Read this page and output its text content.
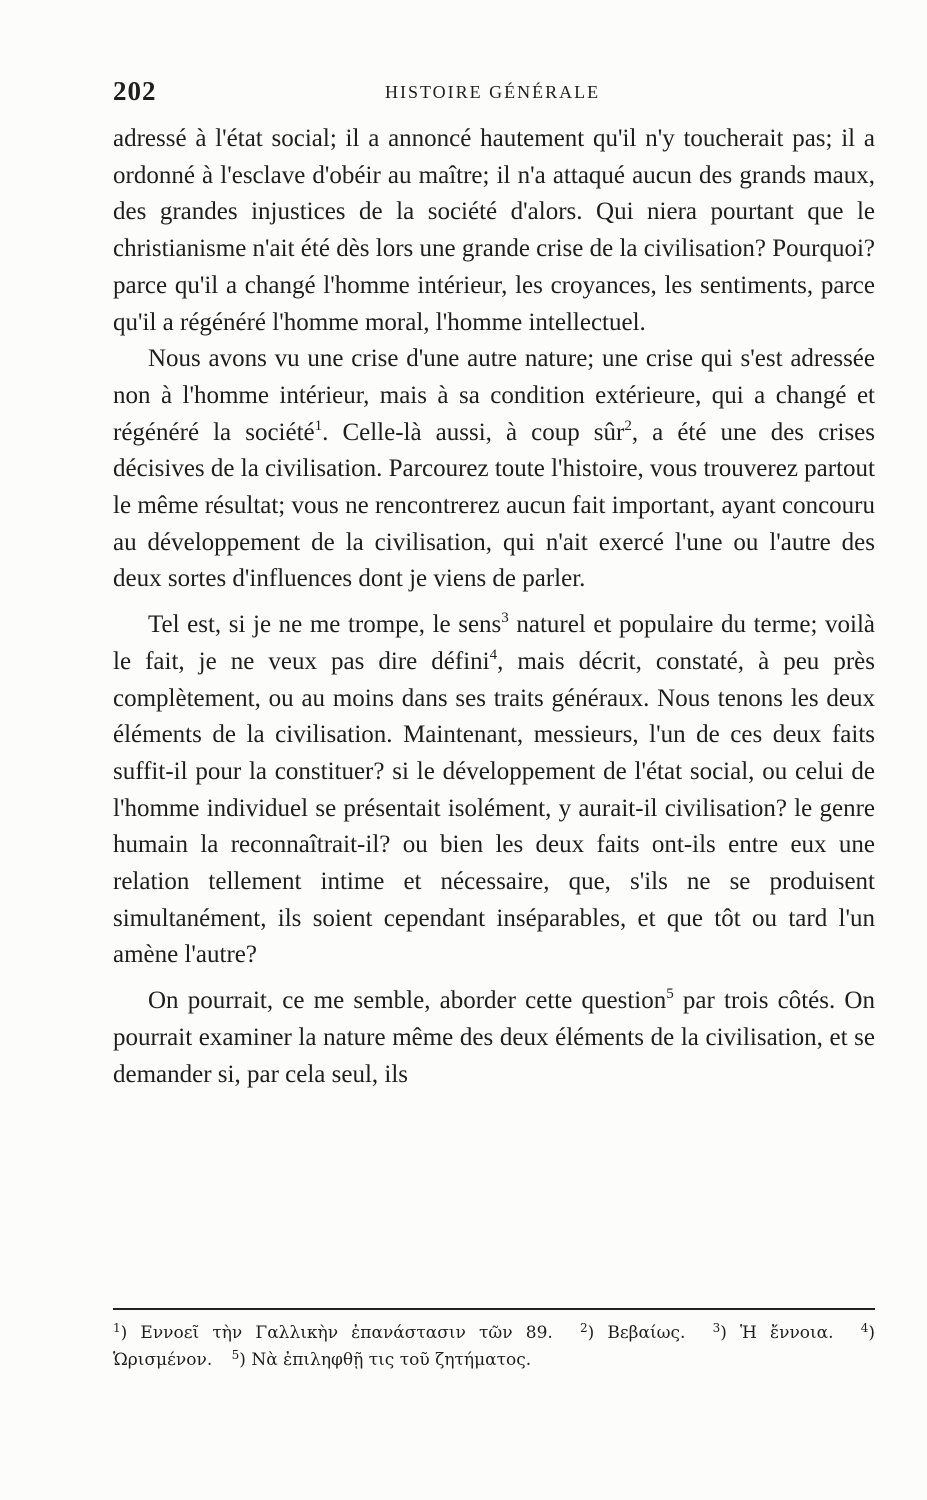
202	HISTOIRE GÉNÉRALE

adressé à l'état social; il a annoncé hautement qu'il n'y toucherait pas; il a ordonné à l'esclave d'obéir au maître; il n'a attaqué aucun des grands maux, des grandes injustices de la société d'alors. Qui niera pourtant que le christianisme n'ait été dès lors une grande crise de la civilisation? Pourquoi? parce qu'il a changé l'homme intérieur, les croyances, les sentiments, parce qu'il a régénéré l'homme moral, l'homme intellectuel.

Nous avons vu une crise d'une autre nature; une crise qui s'est adressée non à l'homme intérieur, mais à sa condition extérieure, qui a changé et régénéré la société$^1$. Celle-là aussi, à coup sûr$^2$, a été une des crises décisives de la civilisation. Parcourez toute l'histoire, vous trouverez partout le même résultat; vous ne rencontrerez aucun fait important, ayant concouru au développement de la civilisation, qui n'ait exercé l'une ou l'autre des deux sortes d'influences dont je viens de parler.

Tel est, si je ne me trompe, le sens$^3$ naturel et populaire du terme; voilà le fait, je ne veux pas dire défini$^4$, mais décrit, constaté, à peu près complètement, ou au moins dans ses traits généraux. Nous tenons les deux éléments de la civilisation. Maintenant, messieurs, l'un de ces deux faits suffit-il pour la constituer? si le développement de l'état social, ou celui de l'homme individuel se présentait isolément, y aurait-il civilisation? le genre humain la reconnaîtrait-il? ou bien les deux faits ont-ils entre eux une relation tellement intime et nécessaire, que, s'ils ne se produisent simultanément, ils soient cependant inséparables, et que tôt ou tard l'un amène l'autre?

On pourrait, ce me semble, aborder cette question$^5$ par trois côtés. On pourrait examiner la nature même des deux éléments de la civilisation, et se demander si, par cela seul, ils

$^1$) Εννοεῖ τὴν Γαλλικὴν ἐπανάστασιν τῶν 89. $^2$) Βεβαίως. $^3$) Ἡ ἔννοια. $^4$) Ὡρισμένον. $^5$) Νὰ ἐπιληφθῇ τις τοῦ ζητήματος.
